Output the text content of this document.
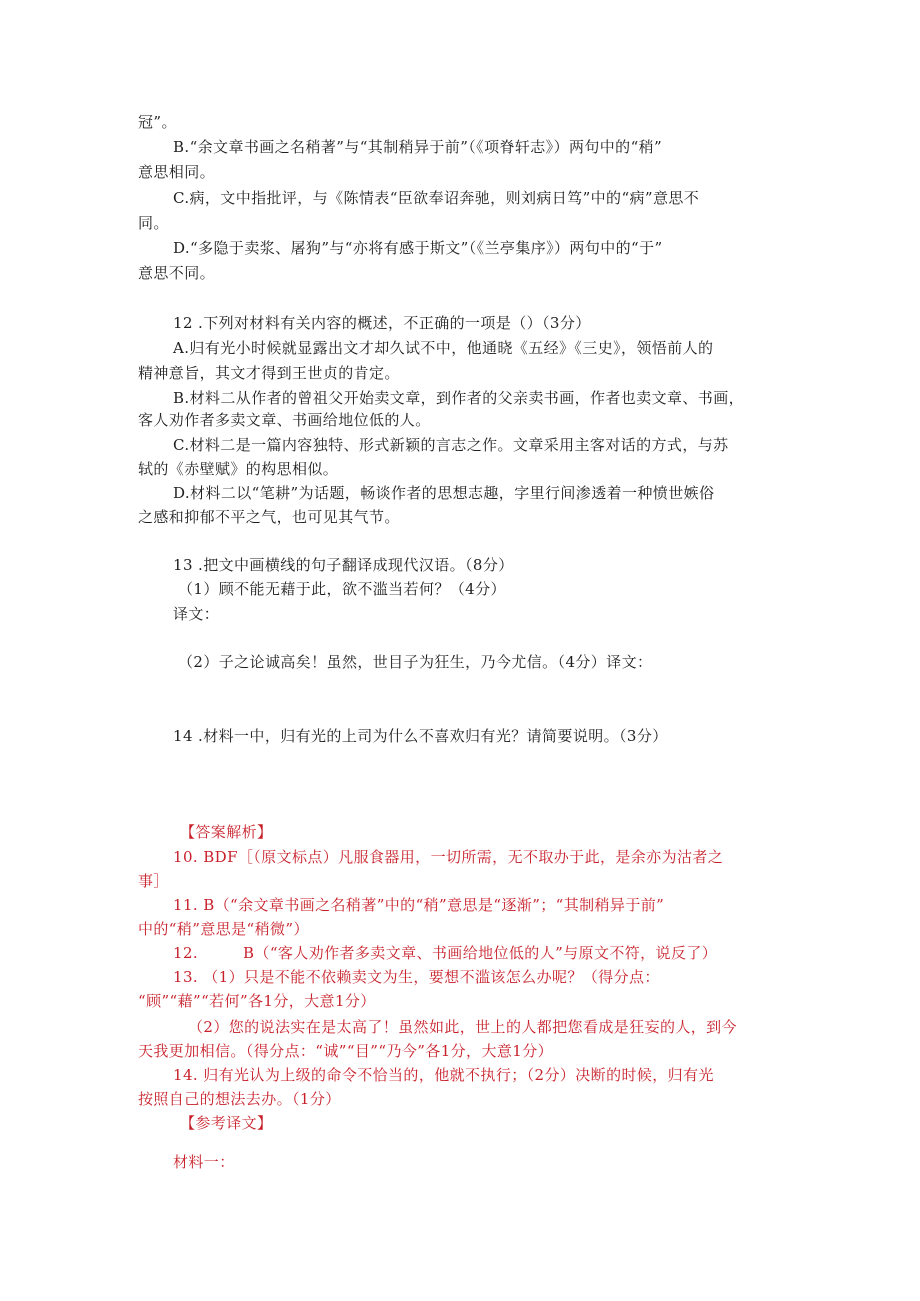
冠”。
B.“余文章书画之名稍著”与“其制稍异于前”（《项脊轩志》）两句中的“稍”
意思相同。
C.病，文中指批评，与《陈情表“臣欲奉诏奔驰，则刘病日笃”中的“病”意思不
同。
D.“多隐于卖浆、屠狗”与“亦将有感于斯文”（《兰亭集序》）两句中的“于”
意思不同。
12 .下列对材料有关内容的概述，不正确的一项是（）（3分）
A.归有光小时候就显露出文才却久试不中，他通晓《五经》《三史》，领悟前人的
精神意旨，其文才得到王世贞的肯定。
B.材料二从作者的曾祖父开始卖文章，到作者的父亲卖书画，作者也卖文章、书画，
客人劝作者多卖文章、书画给地位低的人。
C.材料二是一篇内容独特、形式新颖的言志之作。文章采用主客对话的方式，与苏
轼的《赤壁赋》的构思相似。
D.材料二以“笔耕”为话题，畅谈作者的思想志趣，字里行间渗透着一种愤世嫉俗
之感和抑郁不平之气，也可见其气节。
13 .把文中画横线的句子翻译成现代汉语。（8分）
（1）顾不能无藉于此，欲不滥当若何？（4分）
译文：
（2）子之论诚高矣！虽然，世目子为狂生，乃今尤信。（4分）译文：
14 .材料一中，归有光的上司为什么不喜欢归有光？请简要说明。（3分）
【答案解析】
10. BDF［（原文标点）凡服食器用，一切所需，无不取办于此，是余亦为沽者之
事］
11. B（“余文章书画之名稍著”中的“稍”意思是“逐渐”；“其制稍异于前”
中的“稍”意思是“稍微”）
12.	B（“客人劝作者多卖文章、书画给地位低的人”与原文不符，说反了）
13. （1）只是不能不依赖卖文为生，要想不滥该怎么办呢？（得分点：
“顾”“藉”“若何”各1分，大意1分）
（2）您的说法实在是太高了！虽然如此，世上的人都把您看成是狂妄的人，到今
天我更加相信。（得分点：“诚”“目”“乃今”各1分，大意1分）
14. 归有光认为上级的命令不恰当的，他就不执行；（2分）决断的时候，归有光
按照自己的想法去办。（1分）
【参考译文】
材料一：
